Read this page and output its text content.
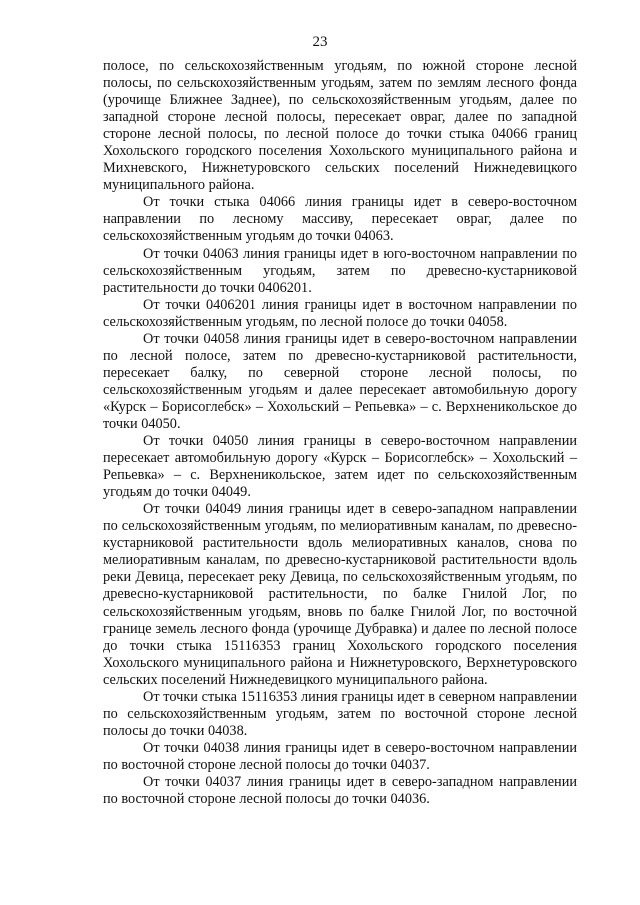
23

полосе, по сельскохозяйственным угодьям, по южной стороне лесной полосы, по сельскохозяйственным угодьям, затем по землям лесного фонда (урочище Ближнее Заднее), по сельскохозяйственным угодьям, далее по западной стороне лесной полосы, пересекает овраг, далее по западной стороне лесной полосы, по лесной полосе до точки стыка 04066 границ Хохольского городского поселения Хохольского муниципального района и Михневского, Нижнетуровского сельских поселений Нижнедевицкого муниципального района.

От точки стыка 04066 линия границы идет в северо-восточном направлении по лесному массиву, пересекает овраг, далее по сельскохозяйственным угодьям до точки 04063.

От точки 04063 линия границы идет в юго-восточном направлении по сельскохозяйственным угодьям, затем по древесно-кустарниковой растительности до точки 0406201.

От точки 0406201 линия границы идет в восточном направлении по сельскохозяйственным угодьям, по лесной полосе до точки 04058.

От точки 04058 линия границы идет в северо-восточном направлении по лесной полосе, затем по древесно-кустарниковой растительности, пересекает балку, по северной стороне лесной полосы, по сельскохозяйственным угодьям и далее пересекает автомобильную дорогу «Курск – Борисоглебск» – Хохольский – Репьевка» – с. Верхненикольское до точки 04050.

От точки 04050 линия границы в северо-восточном направлении пересекает автомобильную дорогу «Курск – Борисоглебск» – Хохольский – Репьевка» – с. Верхненикольское, затем идет по сельскохозяйственным угодьям до точки 04049.

От точки 04049 линия границы идет в северо-западном направлении по сельскохозяйственным угодьям, по мелиоративным каналам, по древесно-кустарниковой растительности вдоль мелиоративных каналов, снова по мелиоративным каналам, по древесно-кустарниковой растительности вдоль реки Девица, пересекает реку Девица, по сельскохозяйственным угодьям, по древесно-кустарниковой растительности, по балке Гнилой Лог, по сельскохозяйственным угодьям, вновь по балке Гнилой Лог, по восточной границе земель лесного фонда (урочище Дубравка) и далее по лесной полосе до точки стыка 15116353 границ Хохольского городского поселения Хохольского муниципального района и Нижнетуровского, Верхнетуровского сельских поселений Нижнедевицкого муниципального района.

От точки стыка 15116353 линия границы идет в северном направлении по сельскохозяйственным угодьям, затем по восточной стороне лесной полосы до точки 04038.

От точки 04038 линия границы идет в северо-восточном направлении по восточной стороне лесной полосы до точки 04037.

От точки 04037 линия границы идет в северо-западном направлении по восточной стороне лесной полосы до точки 04036.
